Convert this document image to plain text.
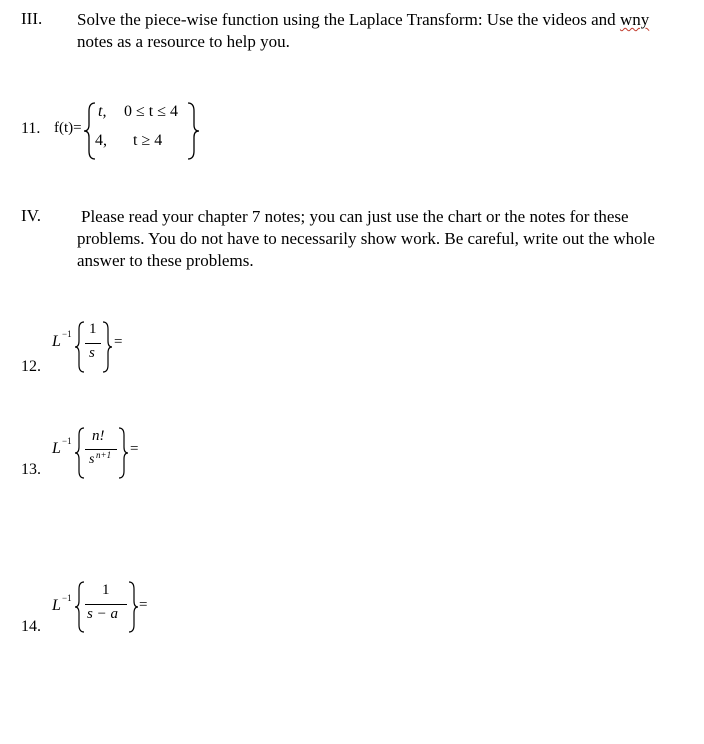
III. Solve the piece-wise function using the Laplace Transform: Use the videos and wny
notes as a resource to help you.
11. f(t)=
t, 0 ≤ t ≤ 4
4, t ≥ 4
IV. Please read your chapter 7 notes; you can just use the chart or the notes for these
problems. You do not have to necessarily show work. Be careful, write out the whole
answer to these problems.
12.
L −1 1
s
=
13.
L −1 n!
s n+1 =
14.
L −1 1
s − a
=
